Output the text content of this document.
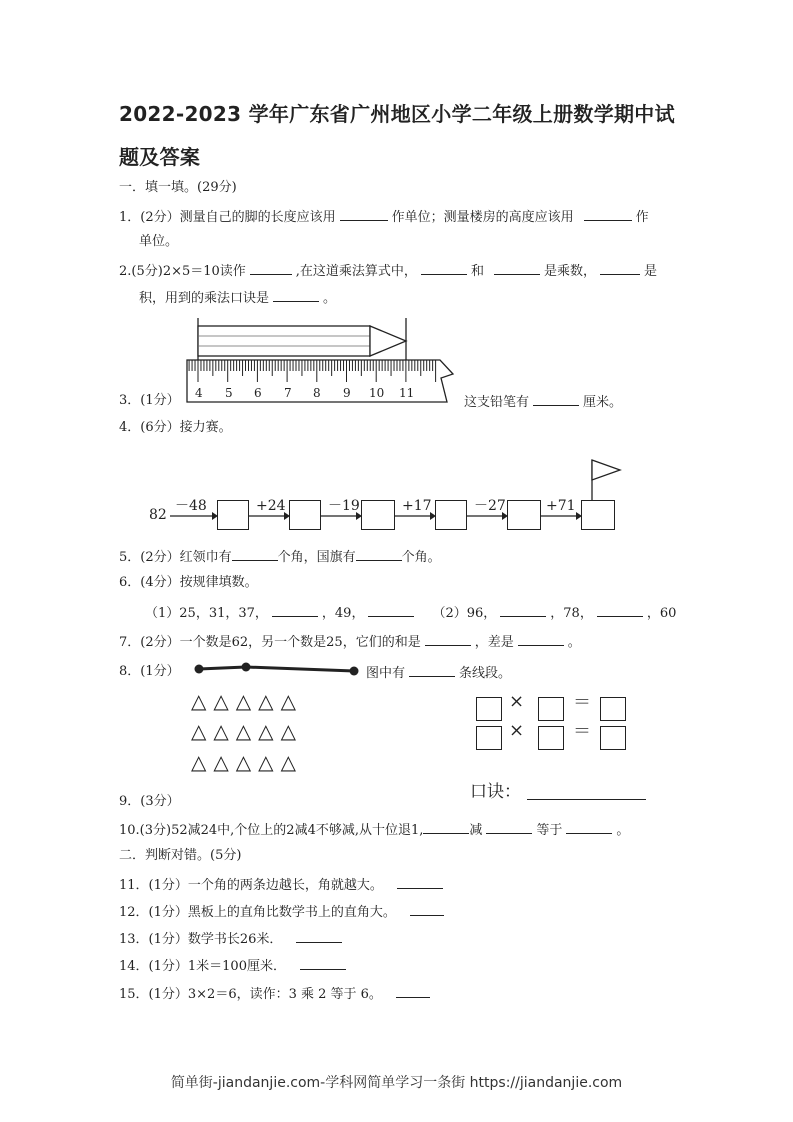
2022-2023 学年广东省广州地区小学二年级上册数学期中试
题及答案
一．填一填。(29分)
1．(2分）测量自己的脚的长度应该用	作单位；测量楼房的高度应该用	作
单位。
2.(5分)2×5＝10读作	,在这道乘法算式中，	和	是乘数，	是
积，用到的乘法口诀是	。
4 5 6 7 8 9 10 11
3．(1分）	这支铅笔有	厘米。
4．(6分）接力赛。
82
－48	+24	－19	+17	－27	+71
5．(2分）红领巾有	个角，国旗有	个角。
6．(4分）按规律填数。
（1）25，31，37，	，49，	（2）96，	，78，	，60
7．(2分）一个数是62，另一个数是25，它们的和是	，差是	。
8．(1分）	图中有	条线段。
△△△△△
△△△△△
△△△△△
×	＝
×	＝
口诀：
9．(3分）
10.(3分)52减24中,个位上的2减4不够减,从十位退1,	减	等于	。
二．判断对错。(5分)
11．(1分）一个角的两条边越长，角就越大。
12．(1分）黑板上的直角比数学书上的直角大。
13．(1分）数学书长26米．
14．(1分）1米＝100厘米．
15．(1分）3×2＝6，读作：3 乘 2 等于 6。
简单街-jiandanjie.com-学科网简单学习一条街 https://jiandanjie.com
